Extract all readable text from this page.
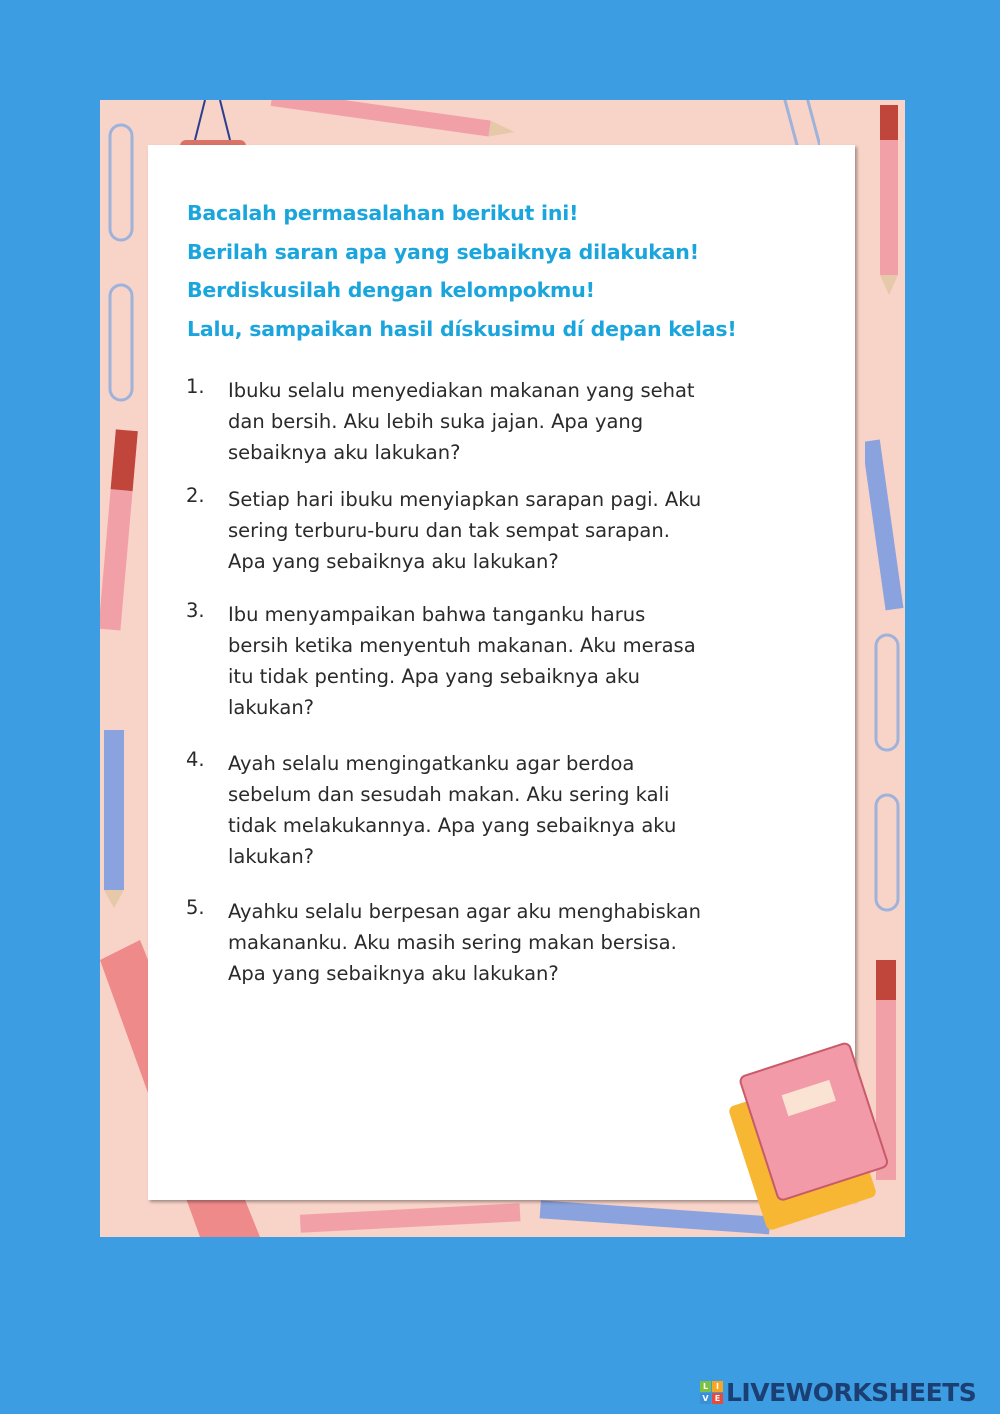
Bacalah permasalahan berikut ini!
Berilah saran apa yang sebaiknya dilakukan!
Berdiskusilah dengan kelompokmu!
Lalu, sampaikan hasil dískusimu dí depan kelas!
1. Ibuku selalu menyediakan makanan yang sehat
dan bersih. Aku lebih suka jajan. Apa yang
sebaiknya aku lakukan?
2. Setiap hari ibuku menyiapkan sarapan pagi. Aku
sering terburu-buru dan tak sempat sarapan.
Apa yang sebaiknya aku lakukan?
3. Ibu menyampaikan bahwa tanganku harus
bersih ketika menyentuh makanan. Aku merasa
itu tidak penting. Apa yang sebaiknya aku
lakukan?
4. Ayah selalu mengingatkanku agar berdoa
sebelum dan sesudah makan. Aku sering kali
tidak melakukannya. Apa yang sebaiknya aku
lakukan?
5. Ayahku selalu berpesan agar aku menghabiskan
makananku. Aku masih sering makan bersisa.
Apa yang sebaiknya aku lakukan?
L I
V E LIVEWORKSHEETS
